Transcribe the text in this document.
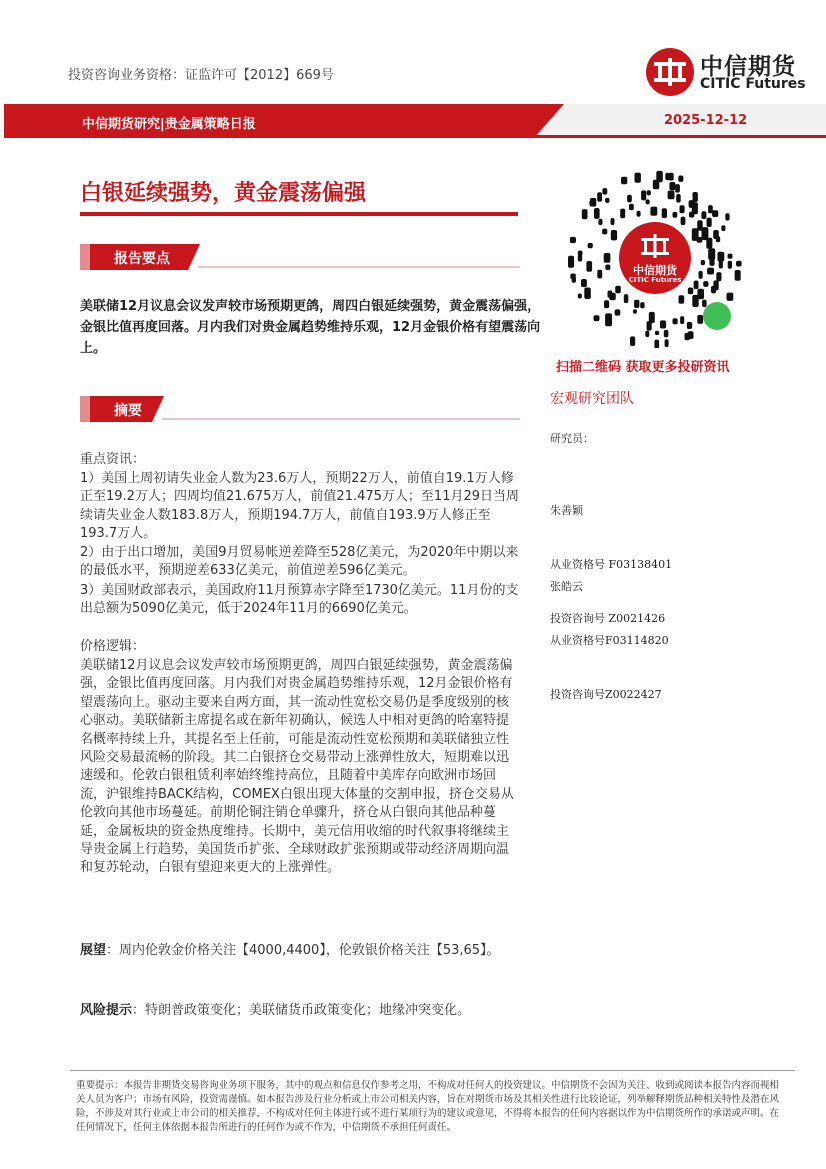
投资咨询业务资格：证监许可【2012】669号	中信期货
CITIC Futures
中信期货研究|贵金属策略日报	2025-12-12
白银延续强势，黄金震荡偏强
报告要点
美联储12月议息会议发声较市场预期更鸽，周四白银延续强势，黄金震荡偏强，金银比值再度回落。月内我们对贵金属趋势维持乐观，12月金银价格有望震荡向上。
摘要
重点资讯：
1）美国上周初请失业金人数为23.6万人，预期22万人，前值自19.1万人修正至19.2万人；四周均值21.675万人，前值21.475万人；至11月29日当周续请失业金人数183.8万人，预期194.7万人，前值自193.9万人修正至193.7万人。
2）由于出口增加，美国9月贸易帐逆差降至528亿美元，为2020年中期以来的最低水平，预期逆差633亿美元，前值逆差596亿美元。
3）美国财政部表示，美国政府11月预算赤字降至1730亿美元。11月份的支出总额为5090亿美元，低于2024年11月的6690亿美元。
价格逻辑：
美联储12月议息会议发声较市场预期更鸽，周四白银延续强势，黄金震荡偏强，金银比值再度回落。月内我们对贵金属趋势维持乐观，12月金银价格有望震荡向上。驱动主要来自两方面，其一流动性宽松交易仍是季度级别的核心驱动。美联储新主席提名或在新年初确认，候选人中相对更鸽的哈塞特提名概率持续上升，其提名至上任前，可能是流动性宽松预期和美联储独立性风险交易最流畅的阶段。其二白银挤仓交易带动上涨弹性放大，短期难以迅速缓和。伦敦白银租赁利率始终维持高位，且随着中美库存向欧洲市场回流，沪银维持BACK结构，COMEX白银出现大体量的交割申报，挤仓交易从伦敦向其他市场蔓延。前期伦铜注销仓单骤升，挤仓从白银向其他品种蔓延，金属板块的资金热度维持。长期中，美元信用收缩的时代叙事将继续主导贵金属上行趋势，美国货币扩张、全球财政扩张预期或带动经济周期向温和复苏轮动，白银有望迎来更大的上涨弹性。

展望：周内伦敦金价格关注【4000,4400】，伦敦银价格关注【53,65】。

风险提示：特朗普政策变化；美联储货币政策变化；地缘冲突变化。

中信期货
CITIC Futures
扫描二维码 获取更多投研资讯
宏观研究团队
研究员：

朱善颖

从业资格号 F03138401

投资咨询号 Z0021426

张皓云

从业资格号F03114820

投资咨询号Z0022427

重要提示：本报告非期货交易咨询业务项下服务，其中的观点和信息仅作参考之用，不构成对任何人的投资建议。中信期货不会因为关注、收到或阅读本报告内容而视相关人员为客户；市场有风险，投资需谨慎。如本报告涉及行业分析或上市公司相关内容，旨在对期货市场及其相关性进行比较论证，列举解释期货品种相关特性及潜在风险，不涉及对其行业或上市公司的相关推荐，不构成对任何主体进行或不进行某项行为的建议或意见，不得将本报告的任何内容据以作为中信期货所作的承诺或声明。在任何情况下，任何主体依据本报告所进行的任何作为或不作为，中信期货不承担任何责任。
